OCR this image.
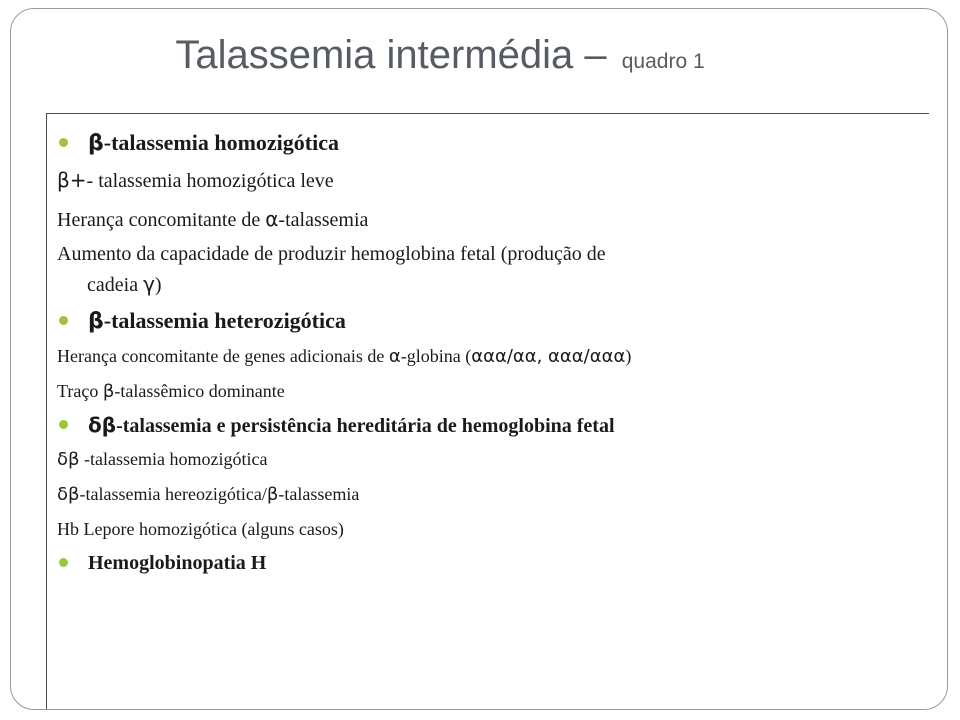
Talassemia intermédia – quadro 1

β-talassemia homozigótica

β+- talassemia homozigótica leve

Herança concomitante de α-talassemia

Aumento da capacidade de produzir hemoglobina fetal (produção de
cadeia γ)

β-talassemia heterozigótica

Herança concomitante de genes adicionais de α-globina (ααα/αα, ααα/ααα)

Traço β-talassêmico dominante

δβ-talassemia e persistência hereditária de hemoglobina fetal

δβ -talassemia homozigótica

δβ-talassemia hereozigótica/β-talassemia

Hb Lepore homozigótica (alguns casos)

Hemoglobinopatia H
